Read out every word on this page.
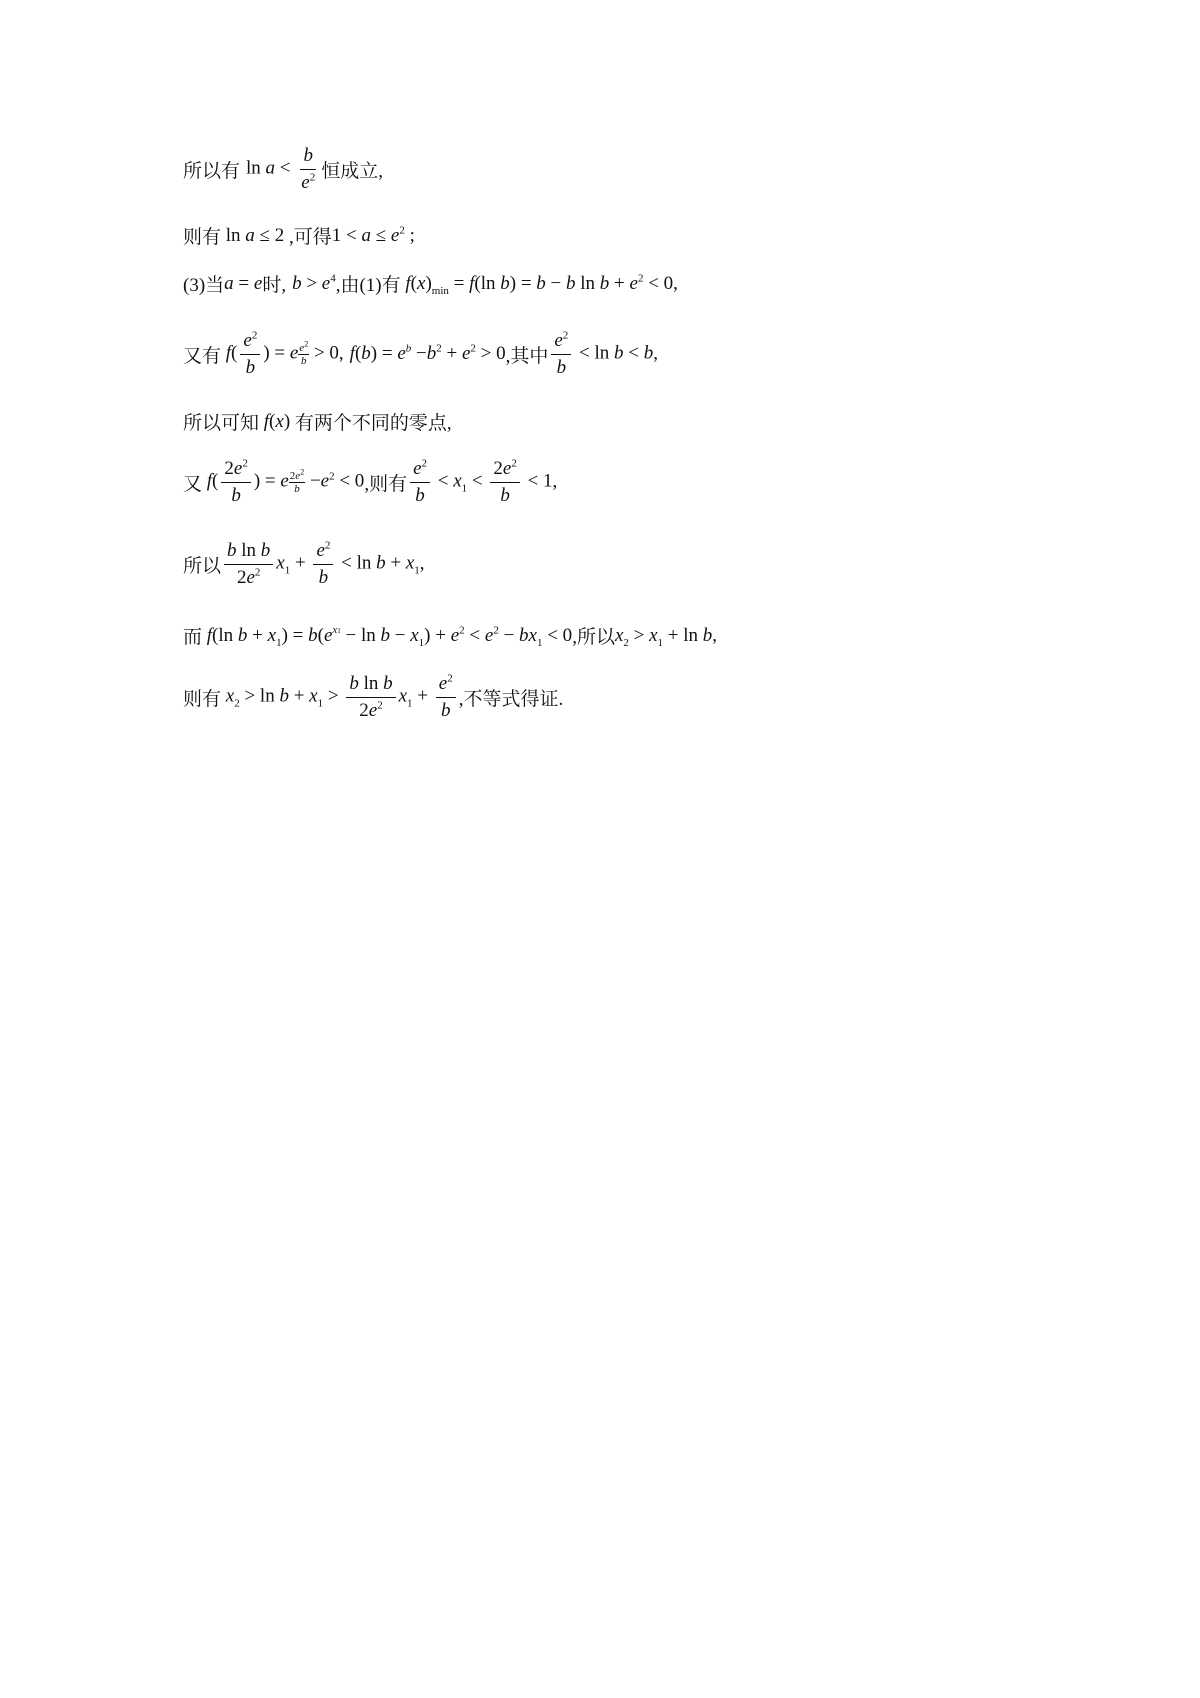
所以有 $\ln a < \frac{b}{e^2}$ 恒成立,
则有 ln a ≤ 2 ,可得 $1 < a \le e^2$ ;
(3)当 a = e 时, $b > e^4$ ,由(1)有 $f(x)_{min} = f(\ln$ b) = b − b $\ln b + e^2 < 0$ ,
又有 $f( \frac{e^2}{b}$ ) = e $\frac{e^2}{b} > 0$ , $f(b) = e^b -b^2 + e^2 > 0$ ,其中 $\frac{e^2}{b} < \ln b < b$ ,
所以可知 f(x) 有两个不同的零点,
又 $f( \frac{2e^2}{b}$ ) = e $\frac{2e^2}{b} -e^2 < 0$ ,则有 $\frac{e^2}{b} < x_1 < \frac{2e^2}{b} < 1$ ,
所以 $\frac{\text{b ln b}}{2e^2} x_1 + \frac{e^2}{b} < \ln b + x_1$ ,
而 f(ln $b + x_1) = b(e^{x1} - \ln b - x_1) + e^2 < e^2 - bx_1 < 0$ ,所以 $x_2 > x_1 + \ln b$ ,
则有 $x_2 > \ln b + x_1 > \frac{\text{b ln b}}{2e^2} x_1 + \frac{e^2}{b}$ ,不等式得证.
